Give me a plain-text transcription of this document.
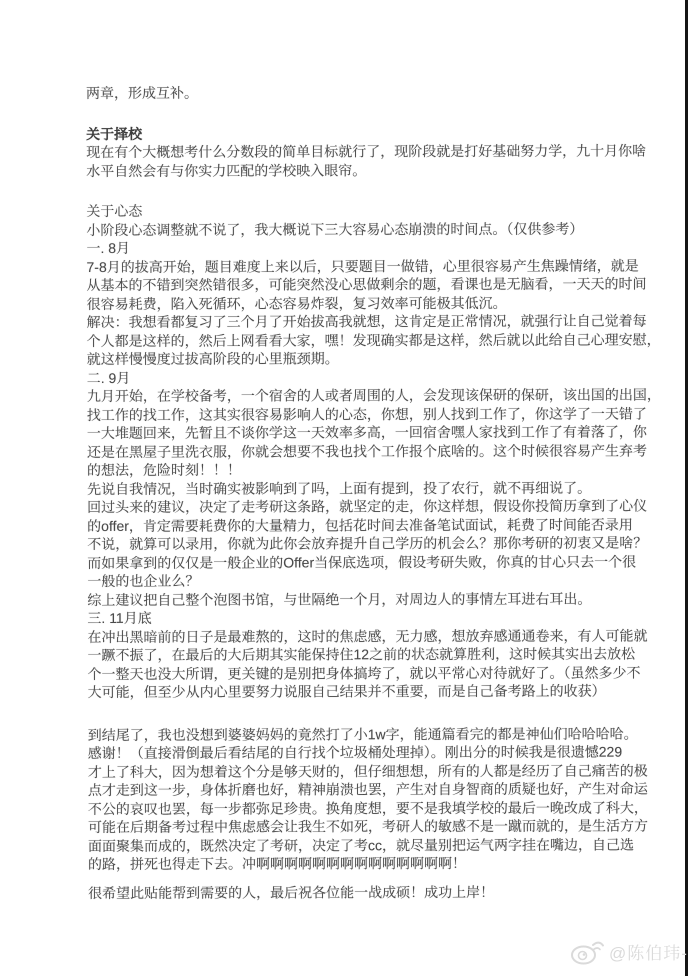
两章，形成互补。
关于择校
现在有个大概想考什么分数段的简单目标就行了，现阶段就是打好基础努力学，九十月你啥
水平自然会有与你实力匹配的学校映入眼帘。
关于心态
小阶段心态调整就不说了，我大概说下三大容易心态崩溃的时间点。（仅供参考）
一. 8月
7-8月的拔高开始，题目难度上来以后，只要题目一做错，心里很容易产生焦躁情绪，就是
从基本的不错到突然错很多，可能突然没心思做剩余的题，看课也是无脑看，一天天的时间
很容易耗费，陷入死循环，心态容易炸裂，复习效率可能极其低沉。
解决：我想看都复习了三个月了开始拔高我就想，这肯定是正常情况，就强行让自己觉着每
个人都是这样的，然后上网看看大家，嘿！发现确实都是这样，然后就以此给自己心理安慰，
就这样慢慢度过拔高阶段的心里瓶颈期。
二. 9月
九月开始，在学校备考，一个宿舍的人或者周围的人，会发现该保研的保研，该出国的出国，
找工作的找工作，这其实很容易影响人的心态，你想，别人找到工作了，你这学了一天错了
一大堆题回来，先暂且不谈你学这一天效率多高，一回宿舍嘿人家找到工作了有着落了，你
还是在黑屋子里洗衣服，你就会想要不我也找个工作报个底啥的。这个时候很容易产生弃考
的想法，危险时刻！！！
先说自我情况，当时确实被影响到了吗，上面有提到，投了农行，就不再细说了。
回过头来的建议，决定了走考研这条路，就坚定的走，你这样想，假设你投简历拿到了心仪
的offer，肯定需要耗费你的大量精力，包括花时间去准备笔试面试，耗费了时间能否录用
不说，就算可以录用，你就为此你会放弃提升自己学历的机会么？那你考研的初衷又是啥？
而如果拿到的仅仅是一般企业的Offer当保底选项，假设考研失败，你真的甘心只去一个很
一般的也企业么？
综上建议把自己整个泡图书馆，与世隔绝一个月，对周边人的事情左耳进右耳出。
三. 11月底
在冲出黑暗前的日子是最难熬的，这时的焦虑感，无力感，想放弃感通通卷来，有人可能就
一蹶不振了，在最后的大后期其实能保持住12之前的状态就算胜利，这时候其实出去放松
个一整天也没大所谓，更关键的是别把身体搞垮了，就以平常心对待就好了。（虽然多少不
大可能，但至少从内心里要努力说服自己结果并不重要，而是自己备考路上的收获）
到结尾了，我也没想到婆婆妈妈的竟然打了小1w字，能通篇看完的都是神仙们哈哈哈哈。
感谢！（直接滑倒最后看结尾的自行找个垃圾桶处理掉）。刚出分的时候我是很遗憾229
才上了科大，因为想着这个分是够天财的，但仔细想想，所有的人都是经历了自己痛苦的极
点才走到这一步，身体折磨也好，精神崩溃也罢，产生对自身智商的质疑也好，产生对命运
不公的哀叹也罢，每一步都弥足珍贵。换角度想，要不是我填学校的最后一晚改成了科大，
可能在后期备考过程中焦虑感会让我生不如死，考研人的敏感不是一蹴而就的，是生活方方
面面聚集而成的，既然决定了考研，决定了考cc，就尽量别把运气两字挂在嘴边，自己选
的路，拼死也得走下去。冲啊啊啊啊啊啊啊啊啊啊啊啊啊啊！
很希望此贴能帮到需要的人，最后祝各位能一战成硕！成功上岸！
@陈伯玮-
